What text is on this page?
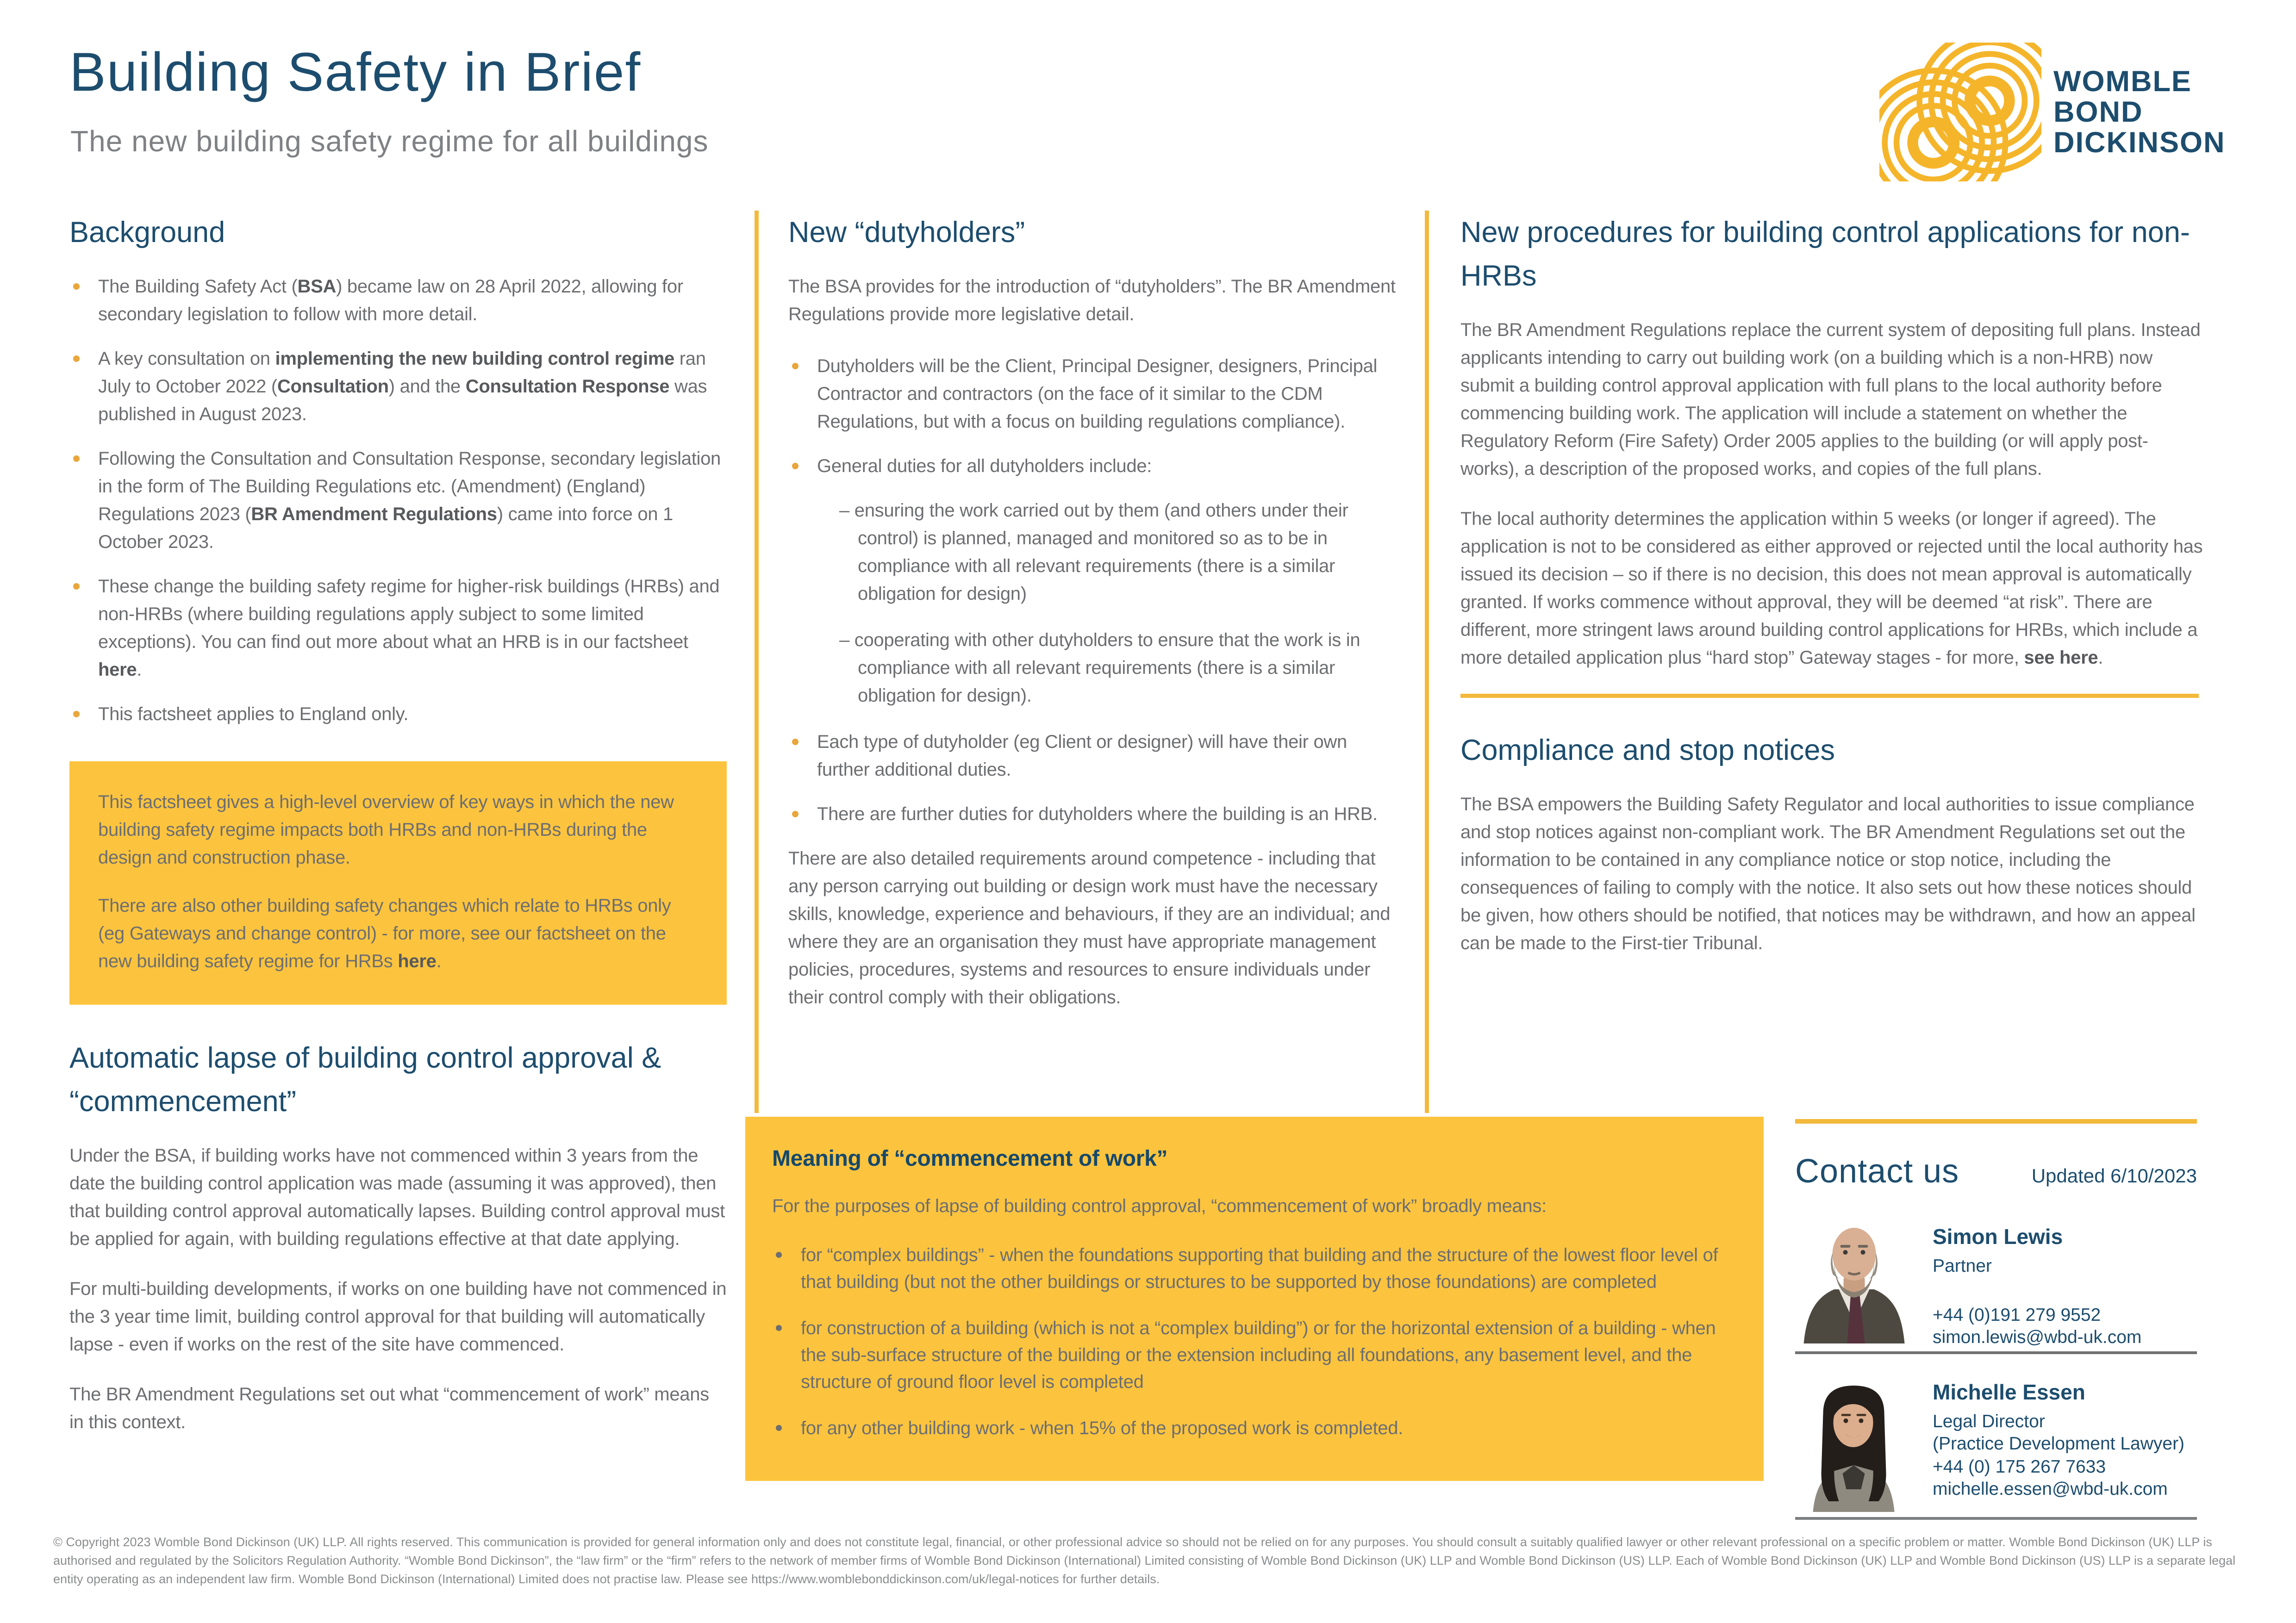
Building Safety in Brief
The new building safety regime for all buildings
WOMBLE
BOND
DICKINSON
Background
The Building Safety Act (BSA) became law on 28 April 2022, allowing for secondary legislation to follow with more detail.
A key consultation on implementing the new building control regime ran July to October 2022 (Consultation) and the Consultation Response was published in August 2023.
Following the Consultation and Consultation Response, secondary legislation in the form of The Building Regulations etc. (Amendment) (England) Regulations 2023 (BR Amendment Regulations) came into force on 1 October 2023.
These change the building safety regime for higher-risk buildings (HRBs) and non-HRBs (where building regulations apply subject to some limited exceptions). You can find out more about what an HRB is in our factsheet here.
This factsheet applies to England only.

This factsheet gives a high-level overview of key ways in which the new building safety regime impacts both HRBs and non-HRBs during the design and construction phase.

There are also other building safety changes which relate to HRBs only (eg Gateways and change control) - for more, see our factsheet on the new building safety regime for HRBs here.

Automatic lapse of building control approval & “commencement”

Under the BSA, if building works have not commenced within 3 years from the date the building control application was made (assuming it was approved), then that building control approval automatically lapses. Building control approval must be applied for again, with building regulations effective at that date applying.

For multi-building developments, if works on one building have not commenced in the 3 year time limit, building control approval for that building will automatically lapse - even if works on the rest of the site have commenced.

The BR Amendment Regulations set out what “commencement of work” means in this context.

New “dutyholders”

The BSA provides for the introduction of “dutyholders”. The BR Amendment Regulations provide more legislative detail.

Dutyholders will be the Client, Principal Designer, designers, Principal Contractor and contractors (on the face of it similar to the CDM Regulations, but with a focus on building regulations compliance).
General duties for all dutyholders include:
– ensuring the work carried out by them (and others under their control) is planned, managed and monitored so as to be in compliance with all relevant requirements (there is a similar obligation for design)
– cooperating with other dutyholders to ensure that the work is in compliance with all relevant requirements (there is a similar obligation for design).
Each type of dutyholder (eg Client or designer) will have their own further additional duties.
There are further duties for dutyholders where the building is an HRB.

There are also detailed requirements around competence - including that any person carrying out building or design work must have the necessary skills, knowledge, experience and behaviours, if they are an individual; and where they are an organisation they must have appropriate management policies, procedures, systems and resources to ensure individuals under their control comply with their obligations.

New procedures for building control applications for non-HRBs

The BR Amendment Regulations replace the current system of depositing full plans. Instead applicants intending to carry out building work (on a building which is a non-HRB) now submit a building control approval application with full plans to the local authority before commencing building work. The application will include a statement on whether the Regulatory Reform (Fire Safety) Order 2005 applies to the building (or will apply post-works), a description of the proposed works, and copies of the full plans.

The local authority determines the application within 5 weeks (or longer if agreed). The application is not to be considered as either approved or rejected until the local authority has issued its decision – so if there is no decision, this does not mean approval is automatically granted. If works commence without approval, they will be deemed “at risk”. There are different, more stringent laws around building control applications for HRBs, which include a more detailed application plus “hard stop” Gateway stages - for more, see here.

Compliance and stop notices

The BSA empowers the Building Safety Regulator and local authorities to issue compliance and stop notices against non-compliant work. The BR Amendment Regulations set out the information to be contained in any compliance notice or stop notice, including the consequences of failing to comply with the notice. It also sets out how these notices should be given, how others should be notified, that notices may be withdrawn, and how an appeal can be made to the First-tier Tribunal.

Meaning of “commencement of work”

For the purposes of lapse of building control approval, “commencement of work” broadly means:

for “complex buildings” - when the foundations supporting that building and the structure of the lowest floor level of that building (but not the other buildings or structures to be supported by those foundations) are completed
for construction of a building (which is not a “complex building”) or for the horizontal extension of a building - when the sub-surface structure of the building or the extension including all foundations, any basement level, and the structure of ground floor level is completed
for any other building work - when 15% of the proposed work is completed.
Contact us	Updated 6/10/2023
Simon Lewis
Partner
+44 (0)191 279 9552
simon.lewis@wbd-uk.com
Michelle Essen
Legal Director
(Practice Development Lawyer)
+44 (0) 175 267 7633
michelle.essen@wbd-uk.com
© Copyright 2023 Womble Bond Dickinson (UK) LLP. All rights reserved. This communication is provided for general information only and does not constitute legal, financial, or other professional advice so should not be relied on for any purposes. You should consult a suitably qualified lawyer or other relevant professional on a specific problem or matter. Womble Bond Dickinson (UK) LLP is authorised and regulated by the Solicitors Regulation Authority. “Womble Bond Dickinson”, the “law firm” or the “firm” refers to the network of member firms of Womble Bond Dickinson (International) Limited consisting of Womble Bond Dickinson (UK) LLP and Womble Bond Dickinson (US) LLP. Each of Womble Bond Dickinson (UK) LLP and Womble Bond Dickinson (US) LLP is a separate legal entity operating as an independent law firm. Womble Bond Dickinson (International) Limited does not practise law. Please see https://www.womblebonddickinson.com/uk/legal-notices for further details.
